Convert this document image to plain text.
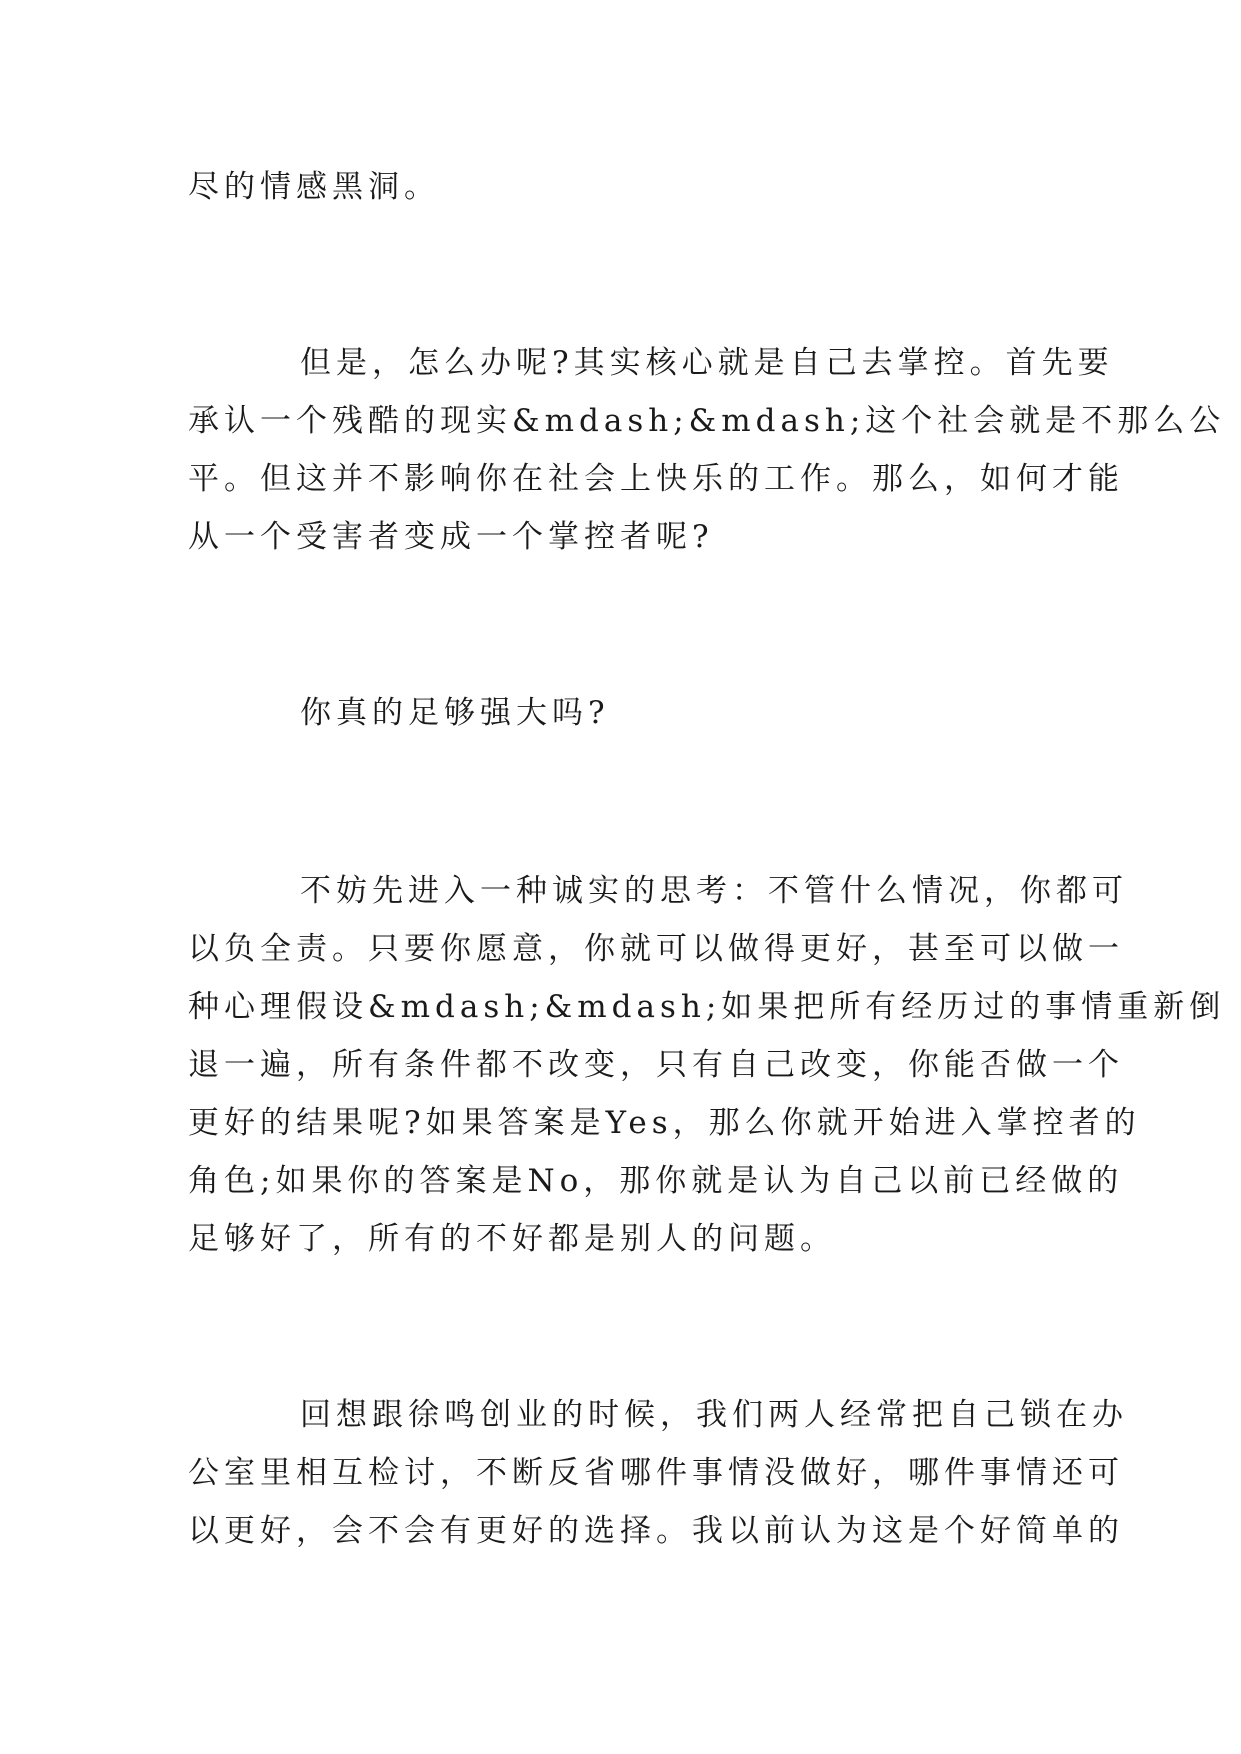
尽的情感黑洞。
但是，怎么办呢?其实核心就是自己去掌控。首先要
承认一个残酷的现实&mdash;&mdash;这个社会就是不那么公
平。但这并不影响你在社会上快乐的工作。那么，如何才能
从一个受害者变成一个掌控者呢?
你真的足够强大吗?
不妨先进入一种诚实的思考：不管什么情况，你都可
以负全责。只要你愿意，你就可以做得更好，甚至可以做一
种心理假设&mdash;&mdash;如果把所有经历过的事情重新倒
退一遍，所有条件都不改变，只有自己改变，你能否做一个
更好的结果呢?如果答案是Yes，那么你就开始进入掌控者的
角色;如果你的答案是No，那你就是认为自己以前已经做的
足够好了，所有的不好都是别人的问题。
回想跟徐鸣创业的时候，我们两人经常把自己锁在办
公室里相互检讨，不断反省哪件事情没做好，哪件事情还可
以更好，会不会有更好的选择。我以前认为这是个好简单的
